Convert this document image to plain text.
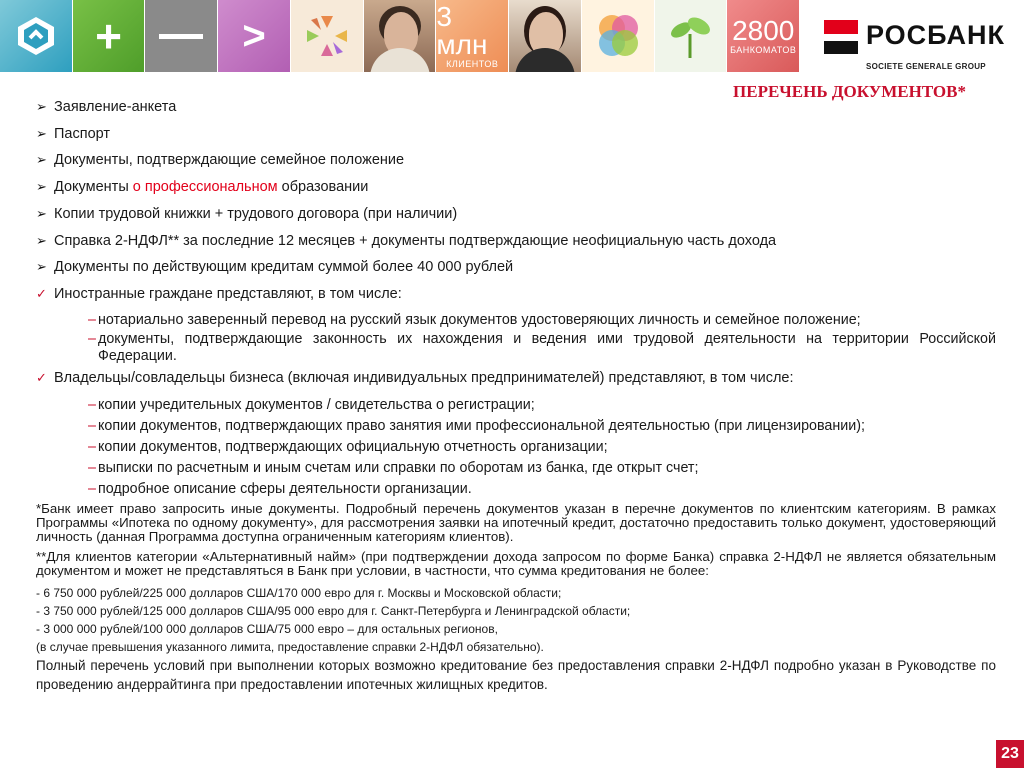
+	>	3 млн
КЛИЕНТОВ
2800
БАНКОМАТОВ	РОСБАНК
SOCIETE GENERALE GROUP
ПЕРЕЧЕНЬ ДОКУМЕНТОВ*
➢ Заявление-анкета
➢ Паспорт
➢ Документы, подтверждающие семейное положение
➢ Документы о профессиональном образовании
➢ Копии трудовой книжки + трудового договора (при наличии)
➢ Справка 2-НДФЛ** за последние 12 месяцев + документы подтверждающие неофициальную часть дохода
➢ Документы по действующим кредитам суммой более 40 000 рублей
✓ Иностранные граждане представляют, в том числе:
– нотариально заверенный перевод на русский язык документов удостоверяющих личность и семейное положение;
– документы, подтверждающие законность их нахождения и ведения ими трудовой деятельности на территории Российской Федерации.
✓ Владельцы/совладельцы бизнеса (включая индивидуальных предпринимателей) представляют, в том числе:
– копии учредительных документов / свидетельства о регистрации;
– копии документов, подтверждающих право занятия ими профессиональной деятельностью (при лицензировании);
– копии документов, подтверждающих официальную отчетность организации;
– выписки по расчетным и иным счетам или справки по оборотам из банка, где открыт счет;
– подробное описание сферы деятельности организации.

*Банк имеет право запросить иные документы. Подробный перечень документов указан в перечне документов по клиентским категориям. В рамках Программы «Ипотека по одному документу», для рассмотрения заявки на ипотечный кредит, достаточно предоставить только документ, удостоверяющий личность (данная Программа доступна ограниченным категориям клиентов).

**Для клиентов категории «Альтернативный найм» (при подтверждении дохода запросом по форме Банка) справка 2-НДФЛ не является обязательным документом и может не представляться в Банк при условии, в частности, что сумма кредитования не более:

- 6 750 000 рублей/225 000 долларов США/170 000 евро для г. Москвы и Московской области;

- 3 750 000 рублей/125 000 долларов США/95 000 евро для г. Санкт-Петербурга и Ленинградской области;

- 3 000 000 рублей/100 000 долларов США/75 000 евро – для остальных регионов,

(в случае превышения указанного лимита, предоставление справки 2-НДФЛ обязательно).

Полный перечень условий при выполнении которых возможно кредитование без предоставления справки 2-НДФЛ подробно указан в Руководстве по проведению андеррайтинга при предоставлении ипотечных жилищных кредитов.

23
